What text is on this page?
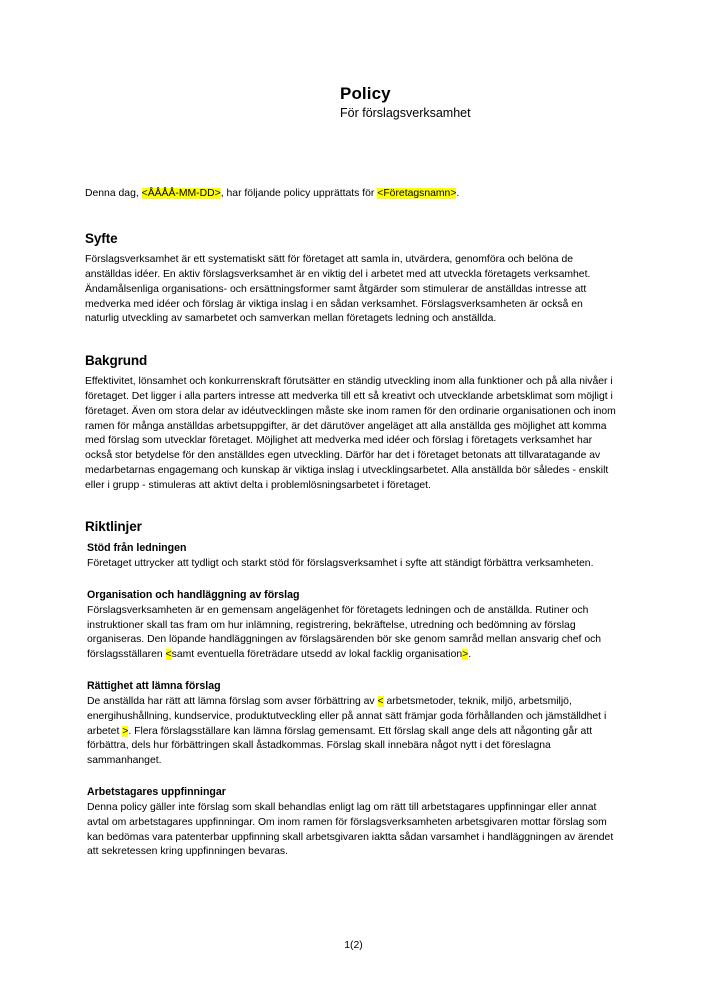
Policy
För förslagsverksamhet

Denna dag, <ÅÅÅÅ-MM-DD>, har följande policy upprättats för <Företagsnamn>.

Syfte

Förslagsverksamhet är ett systematiskt sätt för företaget att samla in, utvärdera, genomföra och belöna de anställdas idéer. En aktiv förslagsverksamhet är en viktig del i arbetet med att utveckla företagets verksamhet. Ändamålsenliga organisations- och ersättningsformer samt åtgärder som stimulerar de anställdas intresse att medverka med idéer och förslag är viktiga inslag i en sådan verksamhet. Förslagsverksamheten är också en naturlig utveckling av samarbetet och samverkan mellan företagets ledning och anställda.

Bakgrund

Effektivitet, lönsamhet och konkurrenskraft förutsätter en ständig utveckling inom alla funktioner och på alla nivåer i företaget. Det ligger i alla parters intresse att medverka till ett så kreativt och utvecklande arbetsklimat som möjligt i företaget. Även om stora delar av idéutvecklingen måste ske inom ramen för den ordinarie organisationen och inom ramen för många anställdas arbetsuppgifter, är det därutöver angeläget att alla anställda ges möjlighet att komma med förslag som utvecklar företaget. Möjlighet att medverka med idéer och förslag i företagets verksamhet har också stor betydelse för den anställdes egen utveckling. Därför har det i företaget betonats att tillvaratagande av medarbetarnas engagemang och kunskap är viktiga inslag i utvecklingsarbetet. Alla anställda bör således - enskilt eller i grupp - stimuleras att aktivt delta i problemlösningsarbetet i företaget.

Riktlinjer
Stöd från ledningen

Företaget uttrycker att tydligt och starkt stöd för förslagsverksamhet i syfte att ständigt förbättra verksamheten.

Organisation och handläggning av förslag

Förslagsverksamheten är en gemensam angelägenhet för företagets ledningen och de anställda. Rutiner och instruktioner skall tas fram om hur inlämning, registrering, bekräftelse, utredning och bedömning av förslag organiseras. Den löpande handläggningen av förslagsärenden bör ske genom samråd mellan ansvarig chef och förslagsställaren <samt eventuella företrädare utsedd av lokal facklig organisation>.

Rättighet att lämna förslag

De anställda har rätt att lämna förslag som avser förbättring av < arbetsmetoder, teknik, miljö, arbetsmiljö, energihushållning, kundservice, produktutveckling eller på annat sätt främjar goda förhållanden och jämställdhet i arbetet >. Flera förslagsställare kan lämna förslag gemensamt. Ett förslag skall ange dels att någonting går att förbättra, dels hur förbättringen skall åstadkommas. Förslag skall innebära något nytt i det föreslagna sammanhanget.

Arbetstagares uppfinningar

Denna policy gäller inte förslag som skall behandlas enligt lag om rätt till arbetstagares uppfinningar eller annat avtal om arbetstagares uppfinningar. Om inom ramen för förslagsverksamheten arbetsgivaren mottar förslag som kan bedömas vara patenterbar uppfinning skall arbetsgivaren iaktta sådan varsamhet i handläggningen av ärendet att sekretessen kring uppfinningen bevaras.

1(2)
